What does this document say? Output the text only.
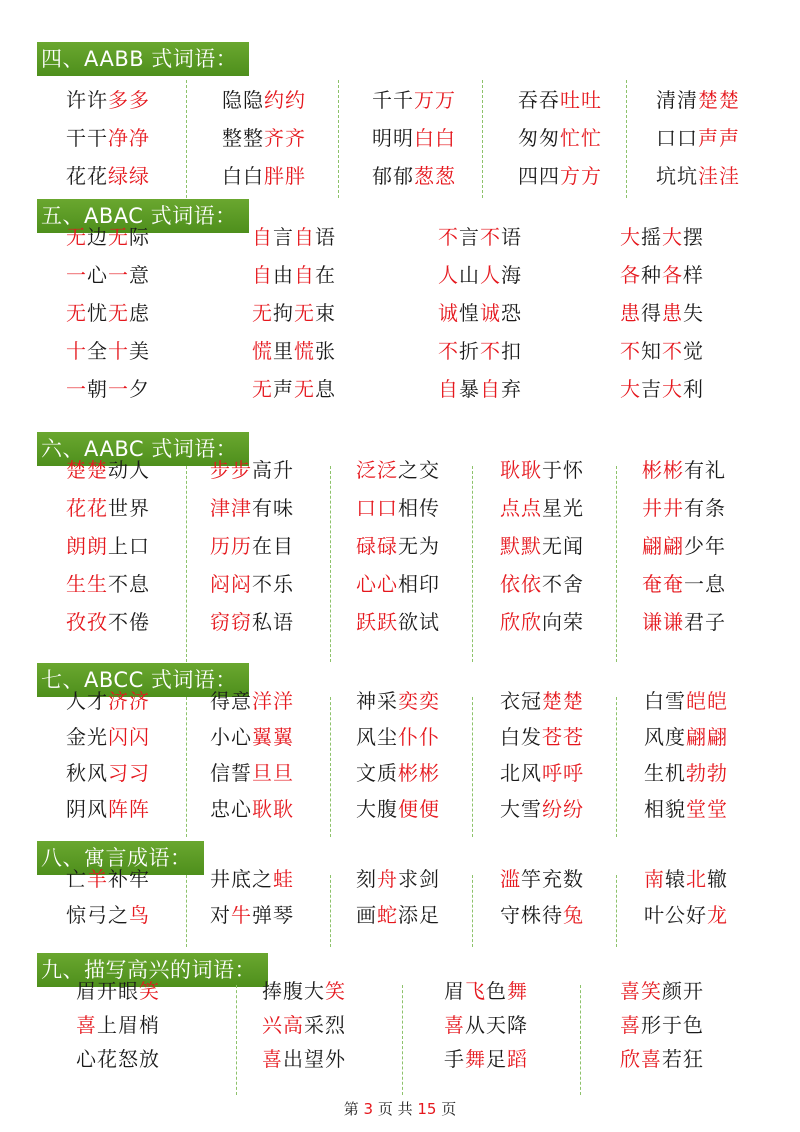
四、AABB 式词语：
许许多多
干干净净
花花绿绿
隐隐约约
整整齐齐
白白胖胖
千千万万
明明白白
郁郁葱葱
吞吞吐吐
匆匆忙忙
四四方方
清清楚楚
口口声声
坑坑洼洼
五、ABAC 式词语：
无边无际
一心一意
无忧无虑
十全十美
一朝一夕
自言自语
自由自在
无拘无束
慌里慌张
无声无息
不言不语
人山人海
诚惶诚恐
不折不扣
自暴自弃
大摇大摆
各种各样
患得患失
不知不觉
大吉大利
六、AABC 式词语：
楚楚动人
花花世界
朗朗上口
生生不息
孜孜不倦
步步高升
津津有味
历历在目
闷闷不乐
窃窃私语
泛泛之交
口口相传
碌碌无为
心心相印
跃跃欲试
耿耿于怀
点点星光
默默无闻
依依不舍
欣欣向荣
彬彬有礼
井井有条
翩翩少年
奄奄一息
谦谦君子
七、ABCC 式词语：
人才济济
金光闪闪
秋风习习
阴风阵阵
得意洋洋
小心翼翼
信誓旦旦
忠心耿耿
神采奕奕
风尘仆仆
文质彬彬
大腹便便
衣冠楚楚
白发苍苍
北风呼呼
大雪纷纷
白雪皑皑
风度翩翩
生机勃勃
相貌堂堂
八、寓言成语：
亡羊补牢
惊弓之鸟
井底之蛙
对牛弹琴
刻舟求剑
画蛇添足
滥竽充数
守株待兔
南辕北辙
叶公好龙
九、描写高兴的词语：
眉开眼笑
喜上眉梢
心花怒放
捧腹大笑
兴高采烈
喜出望外
眉飞色舞
喜从天降
手舞足蹈
喜笑颜开
喜形于色
欣喜若狂
第 3 页 共 15 页
